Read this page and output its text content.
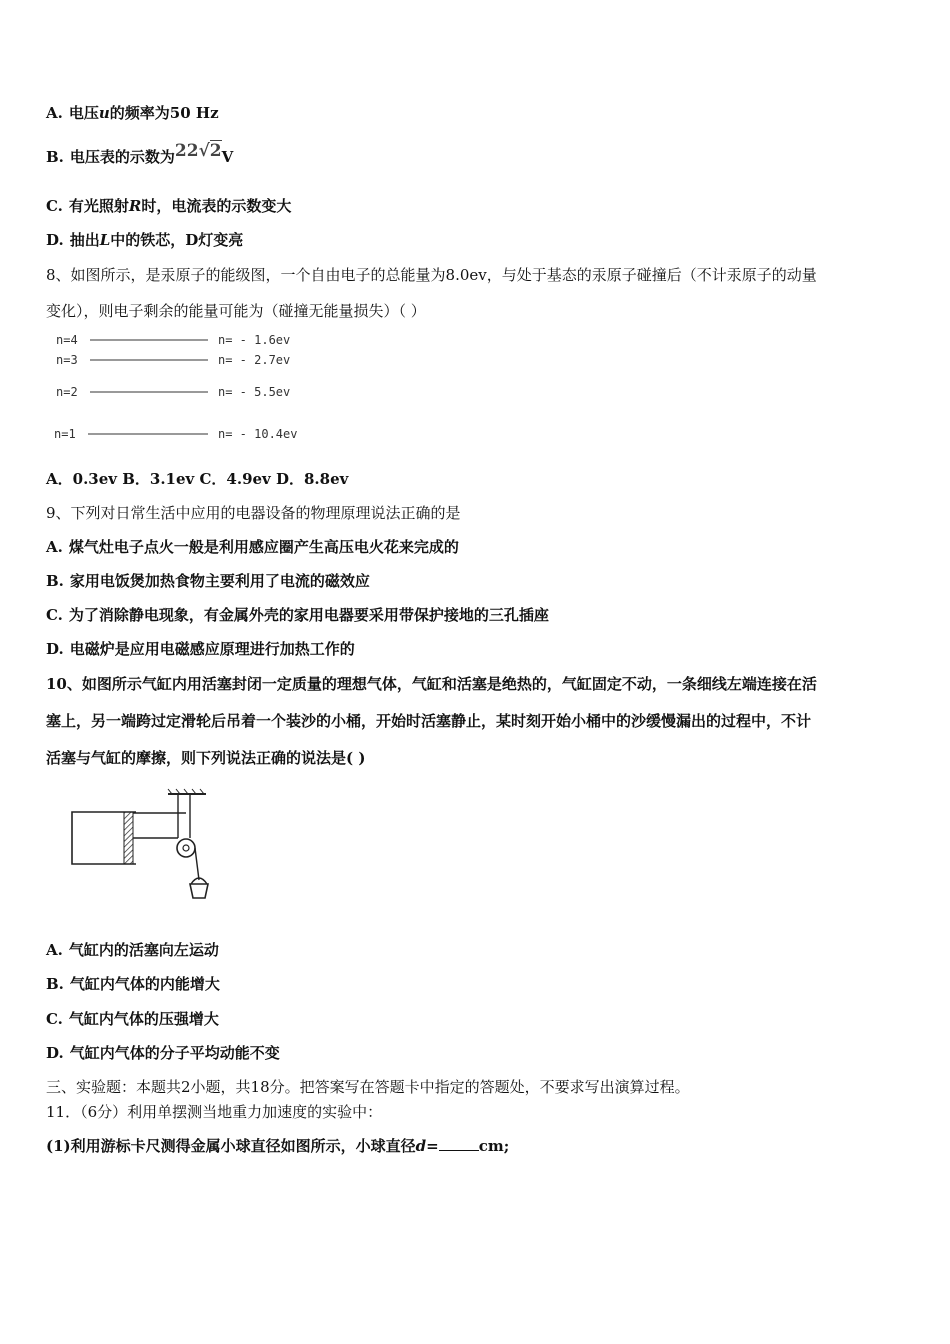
A. 电压u的频率为50 Hz
B. 电压表的示数为22√2V
C. 有光照射R时，电流表的示数变大
D. 抽出L中的铁芯，D灯变亮
8、如图所示，是汞原子的能级图，一个自由电子的总能量为8.0ev，与处于基态的汞原子碰撞后（不计汞原子的动量
变化），则电子剩余的能量可能为（碰撞无能量损失）（ ）
n=4	n= - 1.6ev
n=3	n= - 2.7ev
n=2	n= - 5.5ev
n=1	n= - 10.4ev
A．0.3ev B．3.1ev C．4.9ev D．8.8ev
9、下列对日常生活中应用的电器设备的物理原理说法正确的是
A. 煤气灶电子点火一般是利用感应圈产生高压电火花来完成的
B. 家用电饭煲加热食物主要利用了电流的磁效应
C. 为了消除静电现象，有金属外壳的家用电器要采用带保护接地的三孔插座
D. 电磁炉是应用电磁感应原理进行加热工作的
10、如图所示气缸内用活塞封闭一定质量的理想气体，气缸和活塞是绝热的，气缸固定不动，一条细线左端连接在活
塞上，另一端跨过定滑轮后吊着一个装沙的小桶，开始时活塞静止，某时刻开始小桶中的沙缓慢漏出的过程中，不计
活塞与气缸的摩擦，则下列说法正确的说法是( )
A. 气缸内的活塞向左运动
B. 气缸内气体的内能增大
C. 气缸内气体的压强增大
D. 气缸内气体的分子平均动能不变
三、实验题：本题共2小题，共18分。把答案写在答题卡中指定的答题处，不要求写出演算过程。
11．（6分）利用单摆测当地重力加速度的实验中：
(1)利用游标卡尺测得金属小球直径如图所示，小球直径d=	cm;
